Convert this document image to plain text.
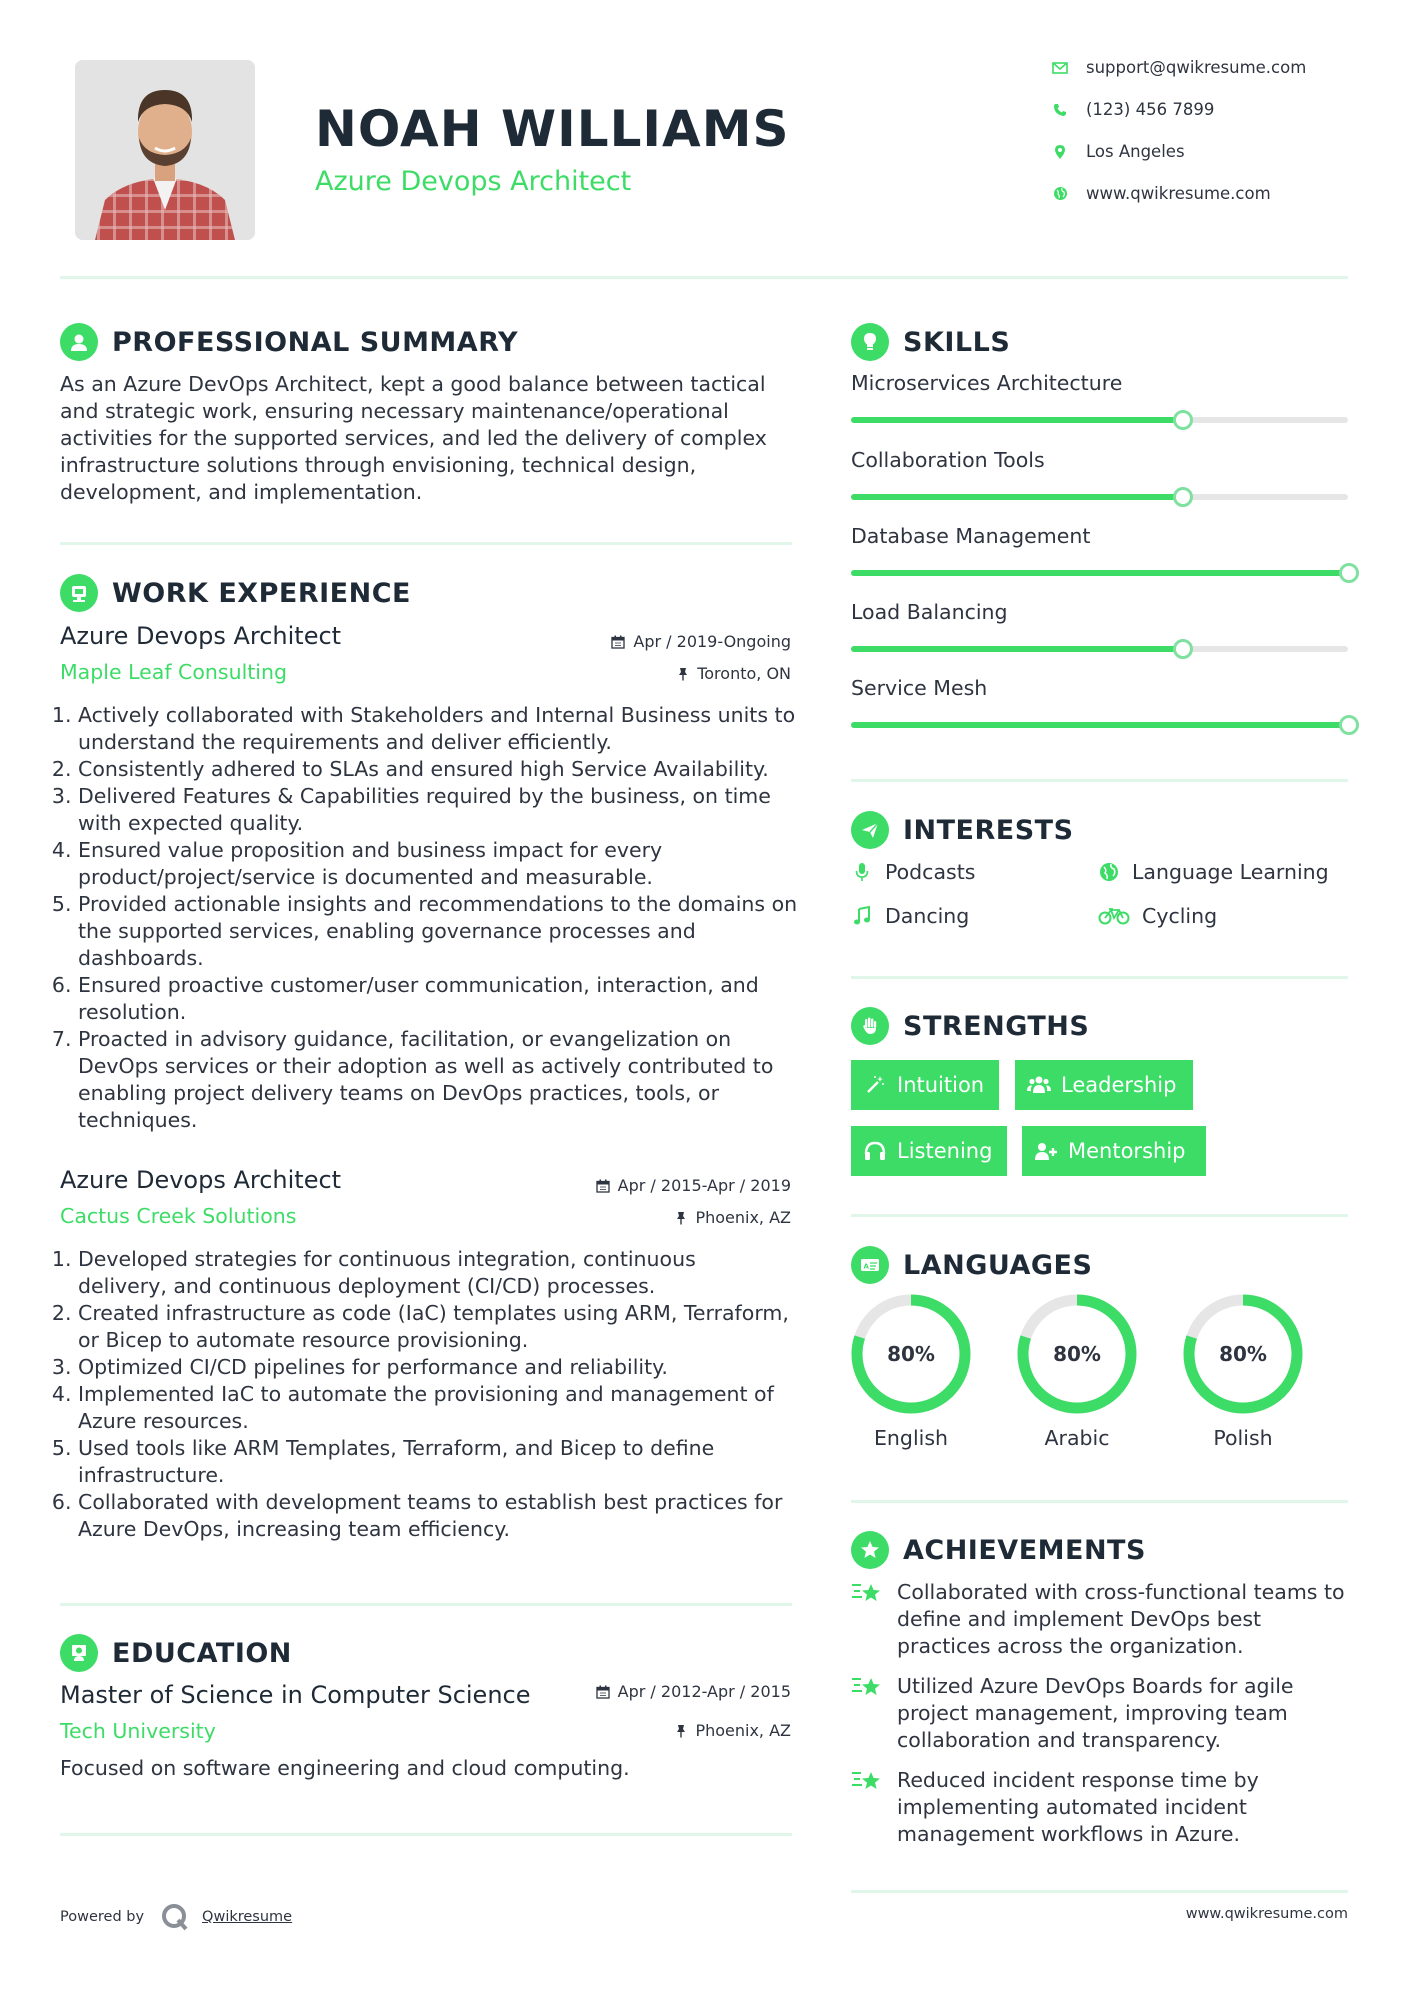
NOAH WILLIAMS
Azure Devops Architect
support@qwikresume.com
(123) 456 7899
Los Angeles
www.qwikresume.com
PROFESSIONAL SUMMARY
As an Azure DevOps Architect, kept a good balance between tactical and strategic work, ensuring necessary maintenance/operational activities for the supported services, and led the delivery of complex infrastructure solutions through envisioning, technical design, development, and implementation.
WORK EXPERIENCE
Azure Devops Architect	Apr / 2019-Ongoing
Maple Leaf Consulting	Toronto, ON
1. Actively collaborated with Stakeholders and Internal Business units to understand the requirements and deliver efficiently.
2. Consistently adhered to SLAs and ensured high Service Availability.
3. Delivered Features & Capabilities required by the business, on time with expected quality.
4. Ensured value proposition and business impact for every product/project/service is documented and measurable.
5. Provided actionable insights and recommendations to the domains on the supported services, enabling governance processes and dashboards.
6. Ensured proactive customer/user communication, interaction, and resolution.
7. Proacted in advisory guidance, facilitation, or evangelization on DevOps services or their adoption as well as actively contributed to enabling project delivery teams on DevOps practices, tools, or techniques.
Azure Devops Architect	Apr / 2015-Apr / 2019
Cactus Creek Solutions	Phoenix, AZ
1. Developed strategies for continuous integration, continuous delivery, and continuous deployment (CI/CD) processes.
2. Created infrastructure as code (IaC) templates using ARM, Terraform, or Bicep to automate resource provisioning.
3. Optimized CI/CD pipelines for performance and reliability.
4. Implemented IaC to automate the provisioning and management of Azure resources.
5. Used tools like ARM Templates, Terraform, and Bicep to define infrastructure.
6. Collaborated with development teams to establish best practices for Azure DevOps, increasing team efficiency.
EDUCATION
Master of Science in Computer Science	Apr / 2012-Apr / 2015
Tech University	Phoenix, AZ
Focused on software engineering and cloud computing.
SKILLS
Microservices Architecture
Collaboration Tools
Database Management
Load Balancing
Service Mesh
INTERESTS
Podcasts	Language Learning
Dancing	Cycling
STRENGTHS
Intuition	Leadership
Listening	Mentorship
A LANGUAGES
80%
English
80%
Arabic
80%
Polish
ACHIEVEMENTS
Collaborated with cross-functional teams to define and implement DevOps best practices across the organization.
Utilized Azure DevOps Boards for agile project management, improving team collaboration and transparency.
Reduced incident response time by implementing automated incident management workflows in Azure.
Powered by	Qwikresume	www.qwikresume.com
